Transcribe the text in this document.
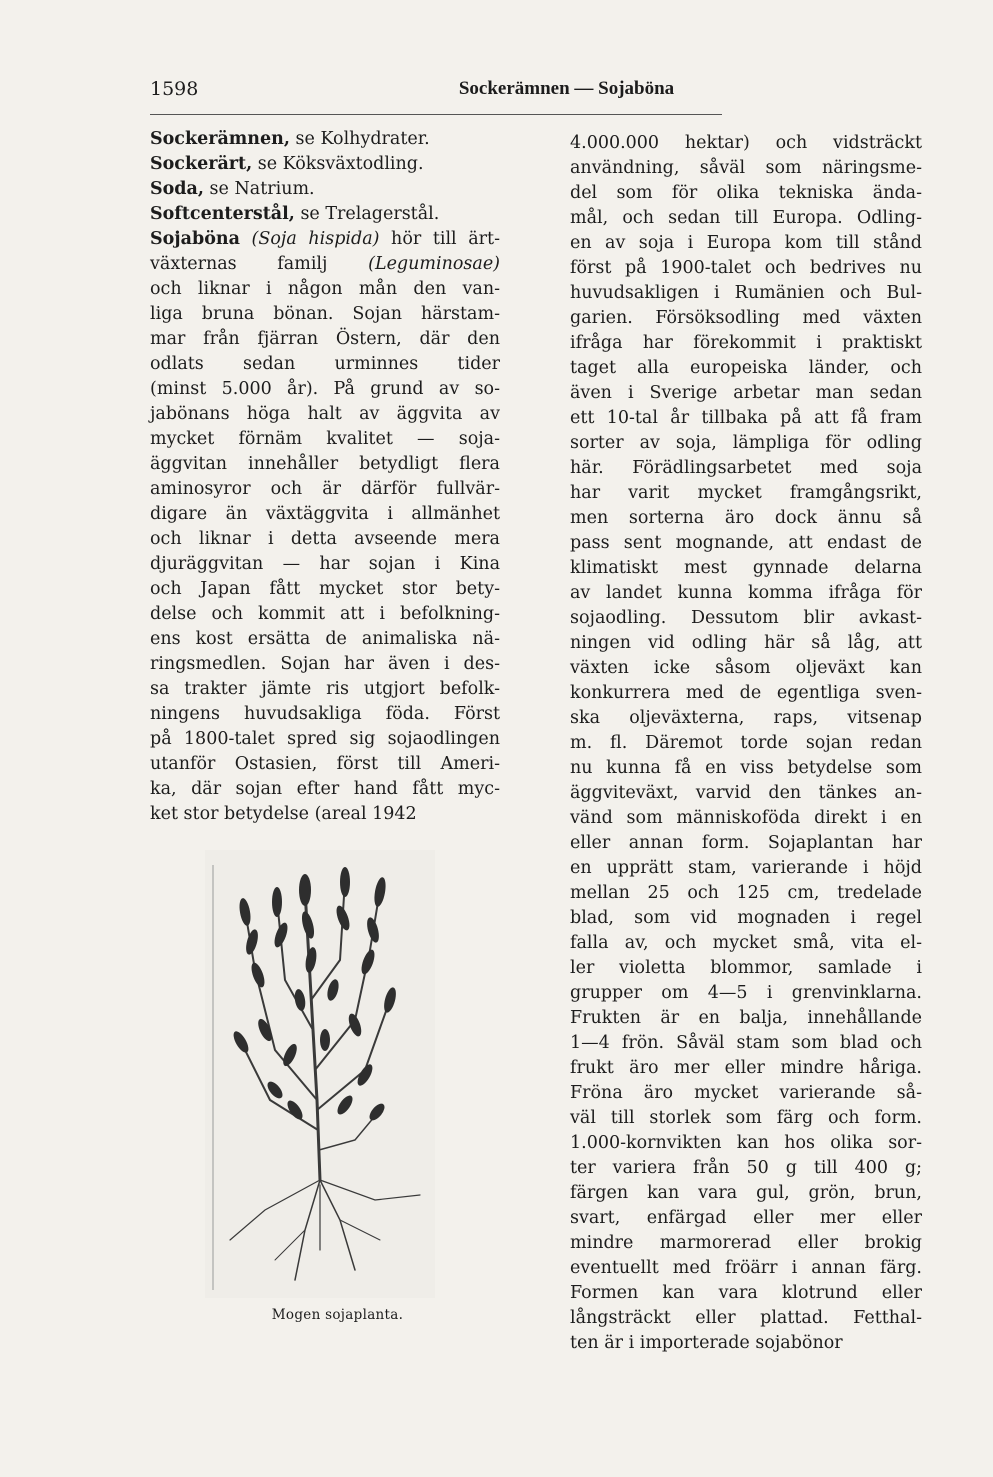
1598	Sockerämnen — Sojaböna
Sockerämnen, se Kolhydrater.
Sockerärt, se Köksväxtodling.
Soda, se Natrium.
Softcenterstål, se Trelagerstål.
Sojaböna (Soja hispida) hör till ärt-
växternas familj (Leguminosae)
och liknar i någon mån den van-
liga bruna bönan. Sojan härstam-
mar från fjärran Östern, där den
odlats sedan urminnes tider
(minst 5.000 år). På grund av so-
jabönans höga halt av äggvita av
mycket förnäm kvalitet — soja-
äggvitan innehåller betydligt flera
aminosyror och är därför fullvär-
digare än växtäggvita i allmänhet
och liknar i detta avseende mera
djuräggvitan — har sojan i Kina
och Japan fått mycket stor bety-
delse och kommit att i befolkning-
ens kost ersätta de animaliska nä-
ringsmedlen. Sojan har även i des-
sa trakter jämte ris utgjort befolk-
ningens huvudsakliga föda. Först
på 1800-talet spred sig sojaodlingen
utanför Ostasien, först till Ameri-
ka, där sojan efter hand fått myc-
ket stor betydelse (areal 1942
4.000.000 hektar) och vidsträckt
användning, såväl som näringsme-
del som för olika tekniska ända-
mål, och sedan till Europa. Odling-
en av soja i Europa kom till stånd
först på 1900-talet och bedrives nu
huvudsakligen i Rumänien och Bul-
garien. Försöksodling med växten
ifråga har förekommit i praktiskt
taget alla europeiska länder, och
även i Sverige arbetar man sedan
ett 10-tal år tillbaka på att få fram
sorter av soja, lämpliga för odling
här. Förädlingsarbetet med soja
har varit mycket framgångsrikt,
men sorterna äro dock ännu så
pass sent mognande, att endast de
klimatiskt mest gynnade delarna
av landet kunna komma ifråga för
sojaodling. Dessutom blir avkast-
ningen vid odling här så låg, att
växten icke såsom oljeväxt kan
konkurrera med de egentliga sven-
ska oljeväxterna, raps, vitsenap
m. fl. Däremot torde sojan redan
nu kunna få en viss betydelse som
äggviteväxt, varvid den tänkes an-
vänd som människoföda direkt i en
eller annan form. Sojaplantan har
en upprätt stam, varierande i höjd
mellan 25 och 125 cm, tredelade
blad, som vid mognaden i regel
falla av, och mycket små, vita el-
ler violetta blommor, samlade i
grupper om 4—5 i grenvinklarna.
Frukten är en balja, innehållande
1—4 frön. Såväl stam som blad och
frukt äro mer eller mindre håriga.
Fröna äro mycket varierande så-
väl till storlek som färg och form.
1.000-kornvikten kan hos olika sor-
ter variera från 50 g till 400 g;
färgen kan vara gul, grön, brun,
svart, enfärgad eller mer eller
mindre marmorerad eller brokig
eventuellt med fröärr i annan färg.
Formen kan vara klotrund eller
långsträckt eller plattad. Fetthal-
ten är i importerade sojabönor
Mogen sojaplanta.
